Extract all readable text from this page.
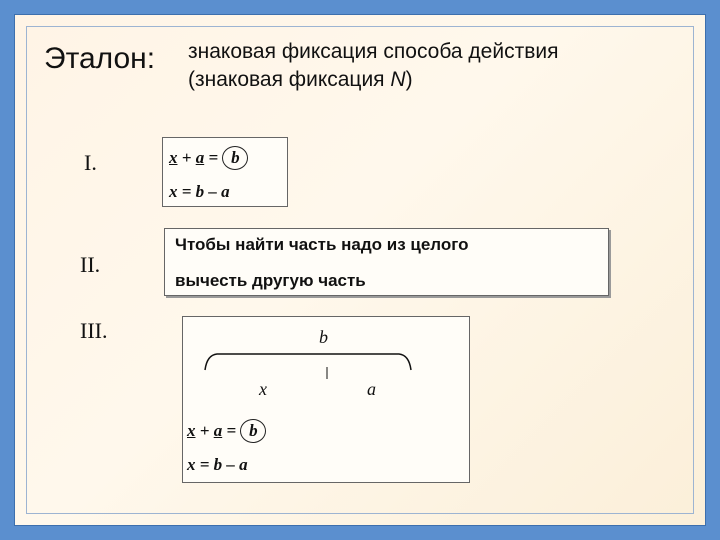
Эталон: знаковая фиксация способа действия
(знаковая фиксация N)
I.	x + a = b
x = b – a
II.
Чтобы найти часть надо из целого
вычесть другую часть
III.	b
x	a
x + a = b
x = b – a
